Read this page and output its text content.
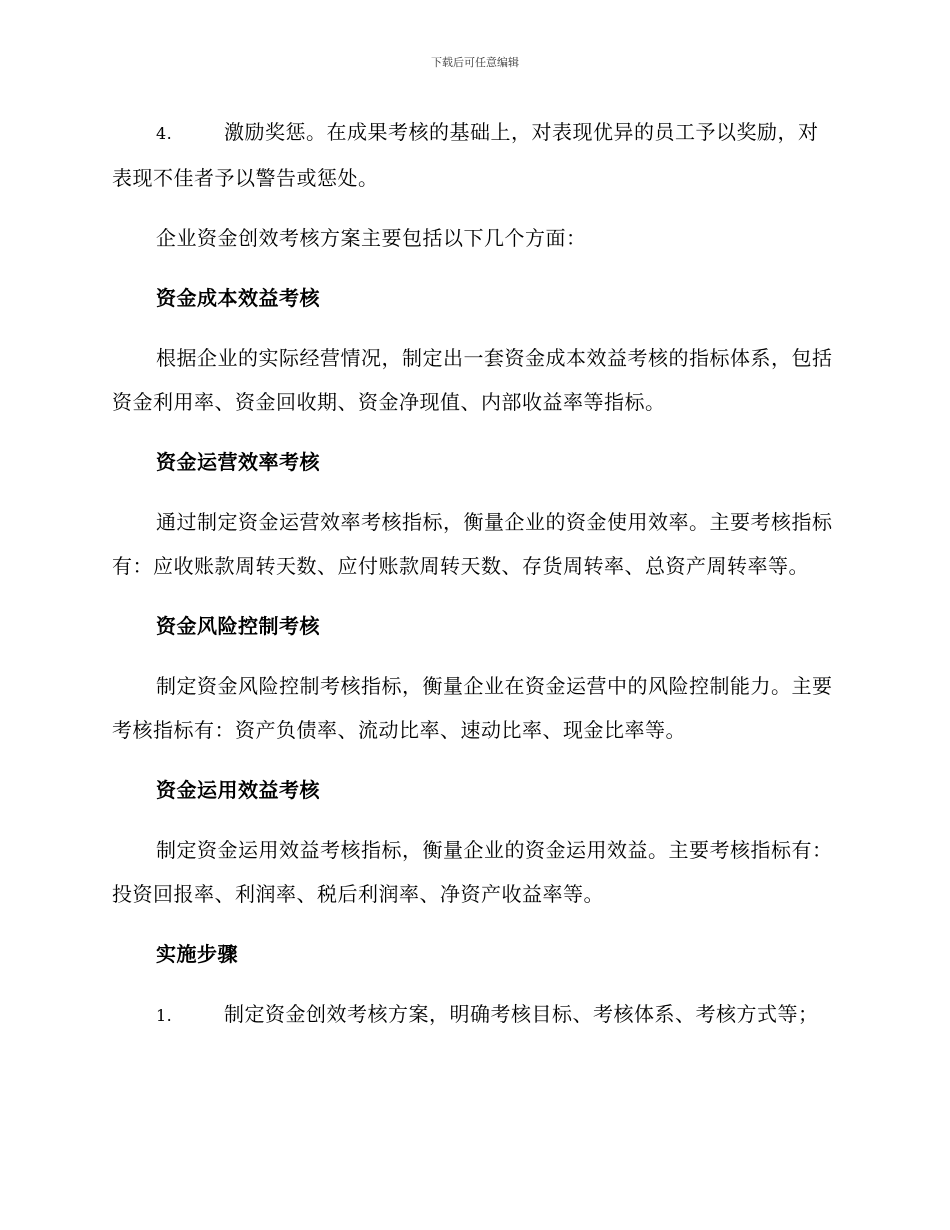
下载后可任意编辑
4.	激励奖惩。在成果考核的基础上，对表现优异的员工予以奖励，对表现不佳者予以警告或惩处。

企业资金创效考核方案主要包括以下几个方面：

资金成本效益考核

根据企业的实际经营情况，制定出一套资金成本效益考核的指标体系，包括资金利用率、资金回收期、资金净现值、内部收益率等指标。

资金运营效率考核

通过制定资金运营效率考核指标，衡量企业的资金使用效率。主要考核指标有：应收账款周转天数、应付账款周转天数、存货周转率、总资产周转率等。

资金风险控制考核

制定资金风险控制考核指标，衡量企业在资金运营中的风险控制能力。主要考核指标有：资产负债率、流动比率、速动比率、现金比率等。

资金运用效益考核

制定资金运用效益考核指标，衡量企业的资金运用效益。主要考核指标有：投资回报率、利润率、税后利润率、净资产收益率等。

实施步骤
1.	制定资金创效考核方案，明确考核目标、考核体系、考核方式等；
